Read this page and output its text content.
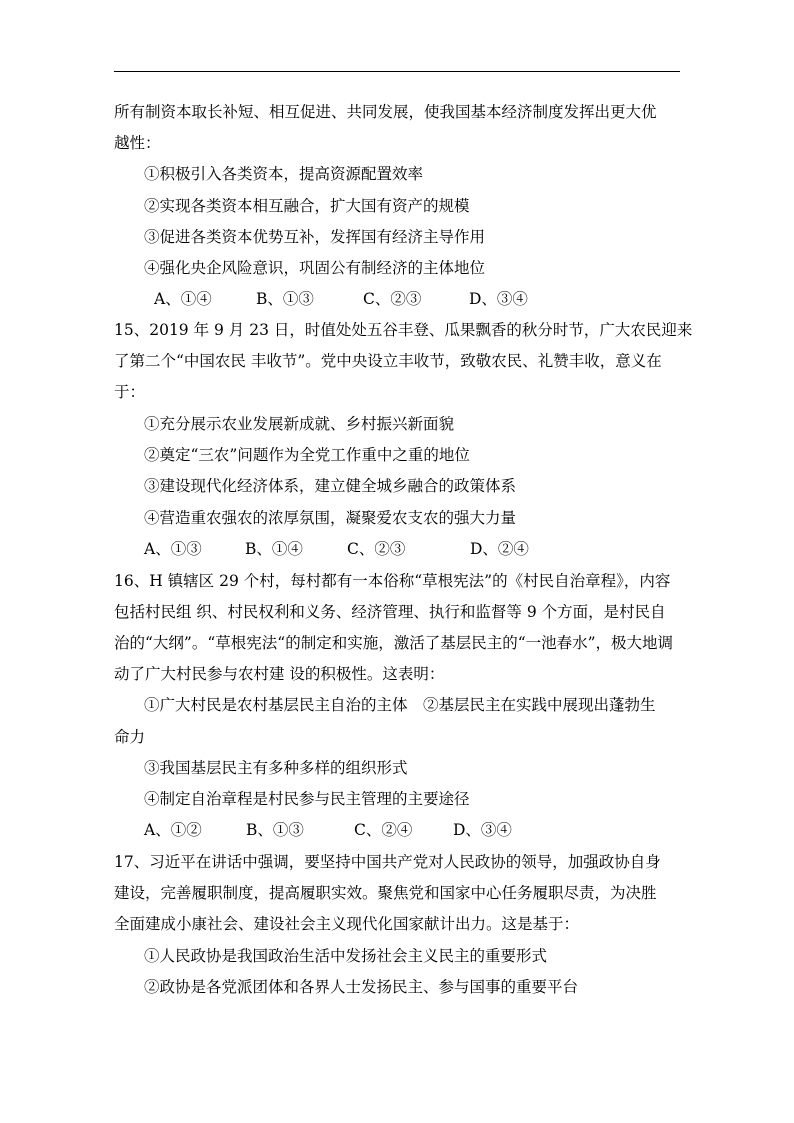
所有制资本取长补短、相互促进、共同发展，使我国基本经济制度发挥出更大优
越性：
①积极引入各类资本，提高资源配置效率
②实现各类资本相互融合，扩大国有资产的规模
③促进各类资本优势互补，发挥国有经济主导作用
④强化央企风险意识，巩固公有制经济的主体地位
A、①④	B、①③	C、②③	D、③④
15、2019 年 9 月 23 日，时值处处五谷丰登、瓜果飘香的秋分时节，广大农民迎来
了第二个“中国农民 丰收节”。党中央设立丰收节，致敬农民、礼赞丰收，意义在
于：
①充分展示农业发展新成就、乡村振兴新面貌
②奠定“三农”问题作为全党工作重中之重的地位
③建设现代化经济体系，建立健全城乡融合的政策体系
④营造重农强农的浓厚氛围，凝聚爱农支农的强大力量
A、①③	B、①④	C、②③	D、②④
16、H 镇辖区 29 个村，每村都有一本俗称“草根宪法”的《村民自治章程》，内容
包括村民组 织、村民权利和义务、经济管理、执行和监督等 9 个方面，是村民自
治的“大纲”。“草根宪法“的制定和实施，激活了基层民主的“一池春水”，极大地调
动了广大村民参与农村建 设的积极性。这表明：
①广大村民是农村基层民主自治的主体　②基层民主在实践中展现出蓬勃生
命力
③我国基层民主有多种多样的组织形式
④制定自治章程是村民参与民主管理的主要途径
A、①②	B、①③	C、②④	D、③④
17、习近平在讲话中强调，要坚持中国共产党对人民政协的领导，加强政协自身
建设，完善履职制度，提高履职实效。聚焦党和国家中心任务履职尽责，为决胜
全面建成小康社会、建设社会主义现代化国家献计出力。这是基于：
①人民政协是我国政治生活中发扬社会主义民主的重要形式
②政协是各党派团体和各界人士发扬民主、参与国事的重要平台
